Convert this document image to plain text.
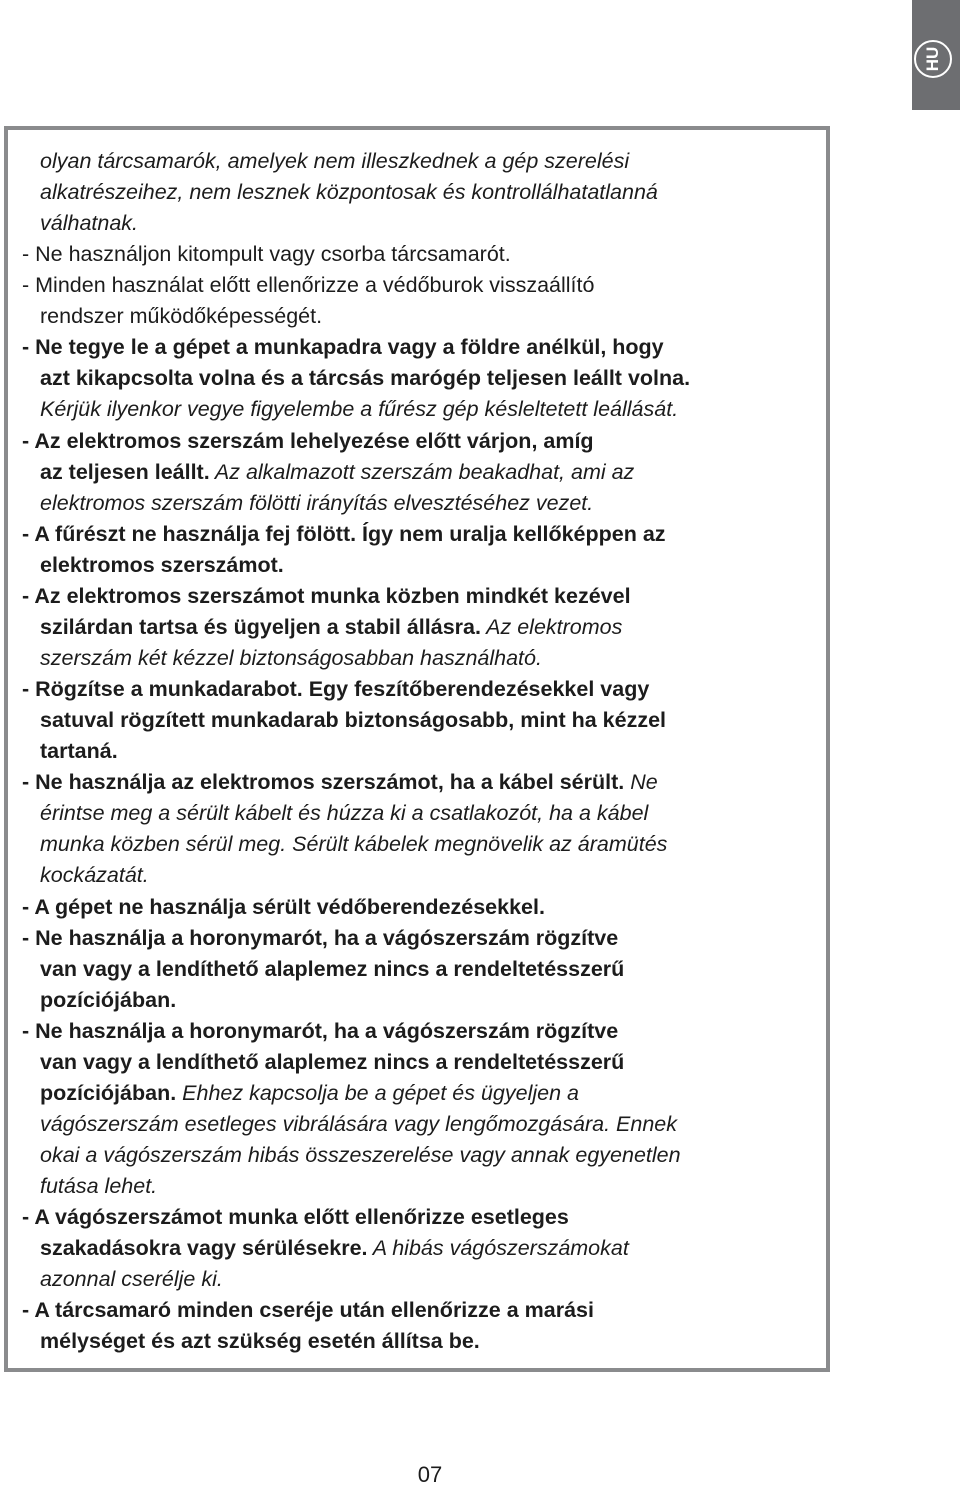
HU
olyan tárcsamarók, amelyek nem illeszkednek a gép szerelési
alkatrészeihez, nem lesznek központosak és kontrollálhatatlanná
válhatnak.
- Ne használjon kitompult vagy csorba tárcsamarót.
- Minden használat előtt ellenőrizze a védőburok visszaállító
rendszer működőképességét.
- Ne tegye le a gépet a munkapadra vagy a földre anélkül, hogy
azt kikapcsolta volna és a tárcsás marógép teljesen leállt volna.
Kérjük ilyenkor vegye figyelembe a fűrész gép késleltetett leállását.
- Az elektromos szerszám lehelyezése előtt várjon, amíg
az teljesen leállt. Az alkalmazott szerszám beakadhat, ami az
elektromos szerszám fölötti irányítás elvesztéséhez vezet.
- A fűrészt ne használja fej fölött. Így nem uralja kellőképpen az
elektromos szerszámot.
- Az elektromos szerszámot munka közben mindkét kezével
szilárdan tartsa és ügyeljen a stabil állásra. Az elektromos
szerszám két kézzel biztonságosabban használható.
- Rögzítse a munkadarabot. Egy feszítőberendezésekkel vagy
satuval rögzített munkadarab biztonságosabb, mint ha kézzel
tartaná.
- Ne használja az elektromos szerszámot, ha a kábel sérült. Ne
érintse meg a sérült kábelt és húzza ki a csatlakozót, ha a kábel
munka közben sérül meg. Sérült kábelek megnövelik az áramütés
kockázatát.
- A gépet ne használja sérült védőberendezésekkel.
- Ne használja a horonymarót, ha a vágószerszám rögzítve
van vagy a lendíthető alaplemez nincs a rendeltetésszerű
pozíciójában.
- Ne használja a horonymarót, ha a vágószerszám rögzítve
van vagy a lendíthető alaplemez nincs a rendeltetésszerű
pozíciójában. Ehhez kapcsolja be a gépet és ügyeljen a
vágószerszám esetleges vibrálására vagy lengőmozgására. Ennek
okai a vágószerszám hibás összeszerelése vagy annak egyenetlen
futása lehet.
- A vágószerszámot munka előtt ellenőrizze esetleges
szakadásokra vagy sérülésekre. A hibás vágószerszámokat
azonnal cserélje ki.
- A tárcsamaró minden cseréje után ellenőrizze a marási
mélységet és azt szükség esetén állítsa be.
07
